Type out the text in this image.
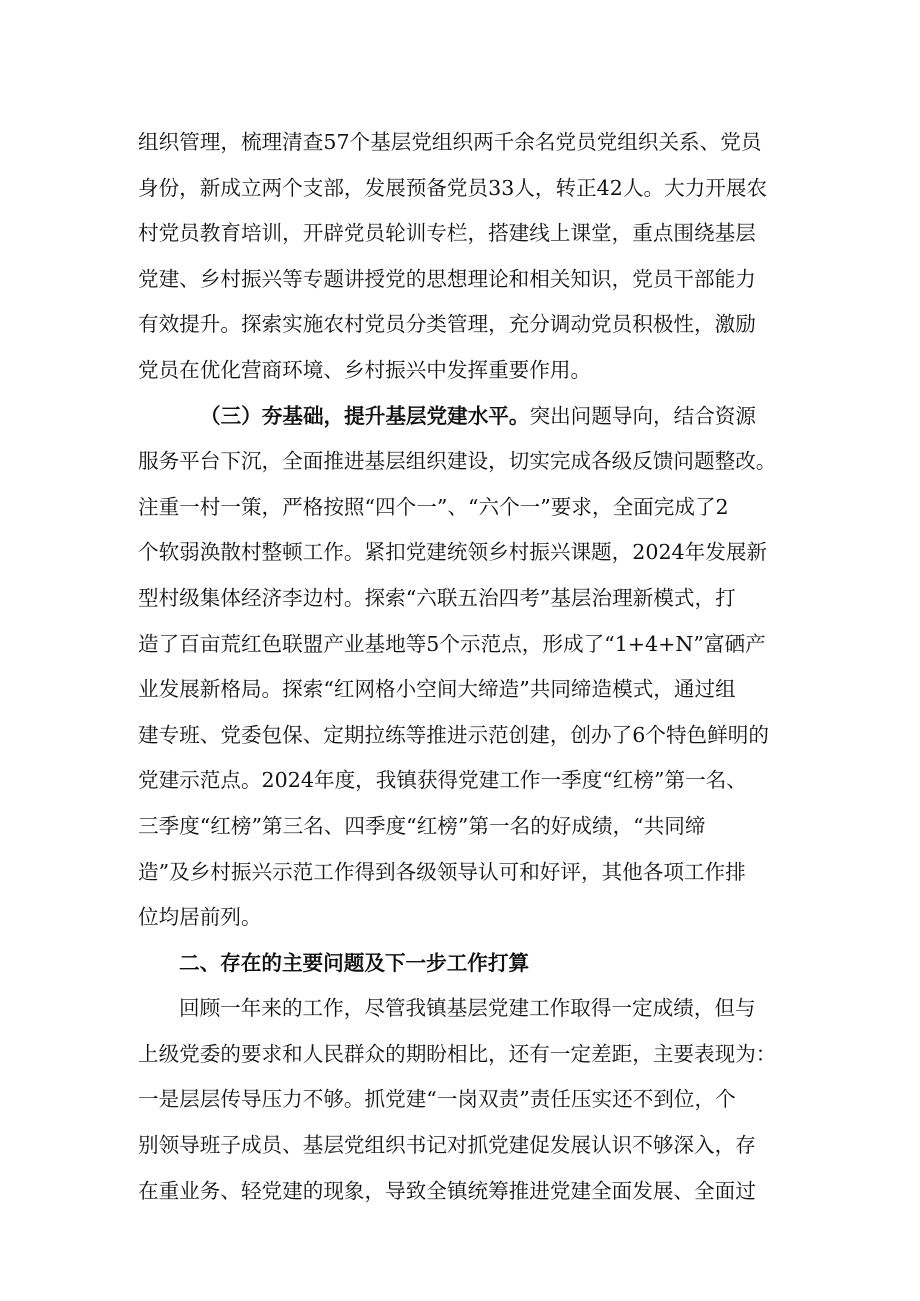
组织管理，梳理清查57个基层党组织两千余名党员党组织关系、党员
身份，新成立两个支部，发展预备党员33人，转正42人。大力开展农
村党员教育培训，开辟党员轮训专栏，搭建线上课堂，重点围绕基层
党建、乡村振兴等专题讲授党的思想理论和相关知识，党员干部能力
有效提升。探索实施农村党员分类管理，充分调动党员积极性，激励
党员在优化营商环境、乡村振兴中发挥重要作用。
（三）夯基础，提升基层党建水平。突出问题导向，结合资源
服务平台下沉，全面推进基层组织建设，切实完成各级反馈问题整改。
注重一村一策，严格按照“四个一”、“六个一”要求，全面完成了2
个软弱涣散村整顿工作。紧扣党建统领乡村振兴课题，2024年发展新
型村级集体经济李边村。探索“六联五治四考”基层治理新模式，打
造了百亩荒红色联盟产业基地等5个示范点，形成了“1+4+N”富硒产
业发展新格局。探索“红网格小空间大缔造”共同缔造模式，通过组
建专班、党委包保、定期拉练等推进示范创建，创办了6个特色鲜明的
党建示范点。2024年度，我镇获得党建工作一季度“红榜”第一名、
三季度“红榜”第三名、四季度“红榜”第一名的好成绩，“共同缔
造”及乡村振兴示范工作得到各级领导认可和好评，其他各项工作排
位均居前列。
二、存在的主要问题及下一步工作打算
回顾一年来的工作，尽管我镇基层党建工作取得一定成绩，但与
上级党委的要求和人民群众的期盼相比，还有一定差距，主要表现为：
一是层层传导压力不够。抓党建“一岗双责”责任压实还不到位，个
别领导班子成员、基层党组织书记对抓党建促发展认识不够深入，存
在重业务、轻党建的现象，导致全镇统筹推进党建全面发展、全面过
